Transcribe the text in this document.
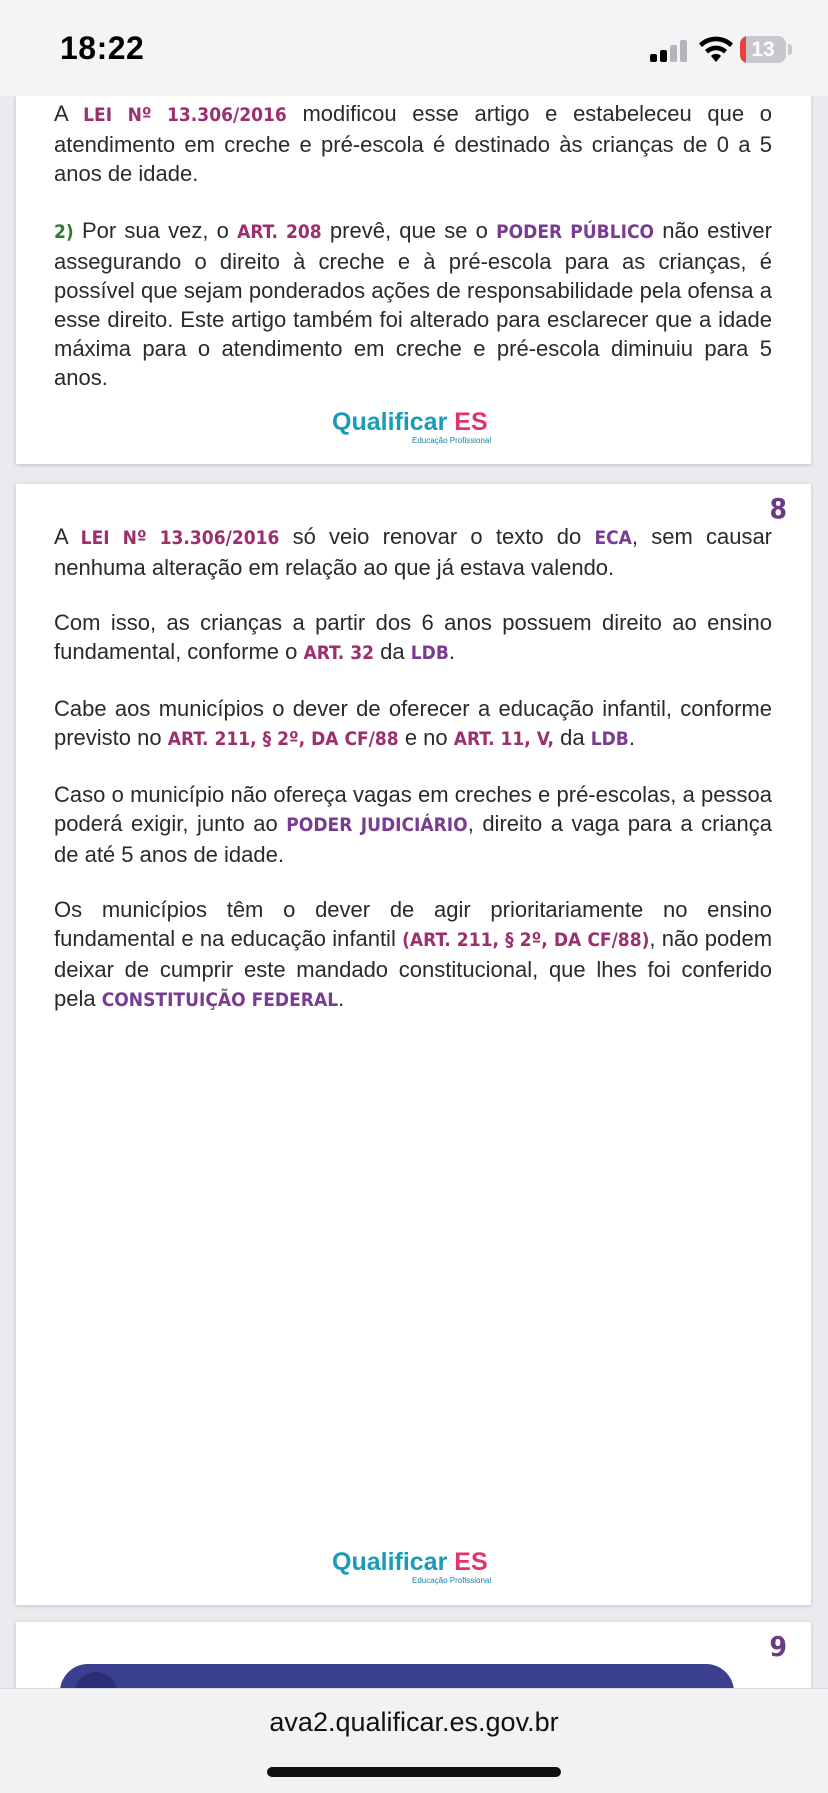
18:22	13

A LEI Nº 13.306/2016 modificou esse artigo e estabeleceu que o atendimento em creche e pré-escola é destinado às crianças de 0 a 5 anos de idade.

2) Por sua vez, o ART. 208 prevê, que se o PODER PÚBLICO não estiver assegurando o direito à creche e à pré-escola para as crianças, é possível que sejam ponderados ações de responsabilidade pela ofensa a esse direito. Este artigo também foi alterado para esclarecer que a idade máxima para o atendimento em creche e pré-escola diminuiu para 5 anos.

Qualificar ES
Educação Profissional
8

A LEI Nº 13.306/2016 só veio renovar o texto do ECA, sem causar nenhuma alteração em relação ao que já estava valendo.

Com isso, as crianças a partir dos 6 anos possuem direito ao ensino fundamental, conforme o ART. 32 da LDB.

Cabe aos municípios o dever de oferecer a educação infantil, conforme previsto no ART. 211, § 2º, DA CF/88 e no ART. 11, V, da LDB.

Caso o município não ofereça vagas em creches e pré-escolas, a pessoa poderá exigir, junto ao PODER JUDICIÁRIO, direito a vaga para a criança de até 5 anos de idade.

Os municípios têm o dever de agir prioritariamente no ensino fundamental e na educação infantil (ART. 211, § 2º, DA CF/88), não podem deixar de cumprir este mandado constitucional, que lhes foi conferido pela CONSTITUIÇÃO FEDERAL.

Qualificar ES
Educação Profissional
9
ava2.qualificar.es.gov.br
